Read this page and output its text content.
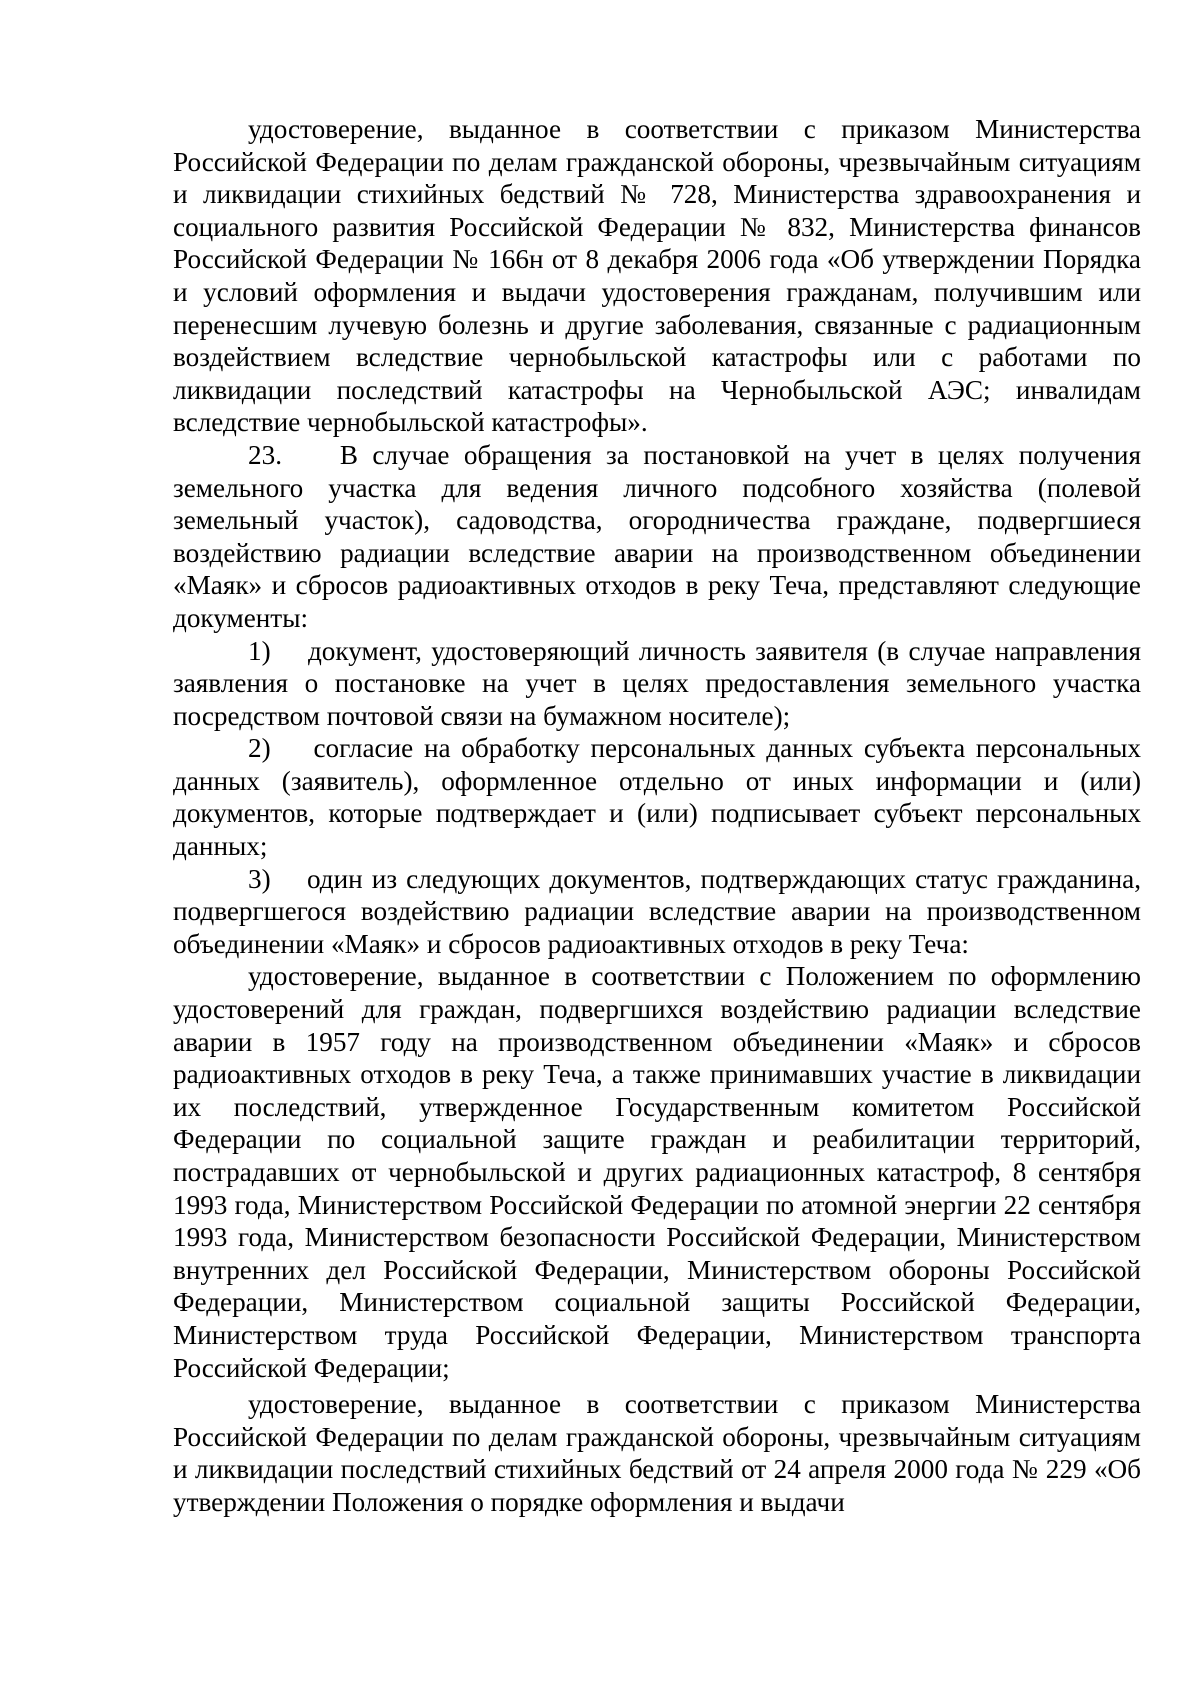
удостоверение, выданное в соответствии с приказом Министерства Российской Федерации по делам гражданской обороны, чрезвычайным ситуациям и ликвидации стихийных бедствий № 728, Министерства здравоохранения и социального развития Российской Федерации № 832, Министерства финансов Российской Федерации № 166н от 8 декабря 2006 года «Об утверждении Порядка и условий оформления и выдачи удостоверения гражданам, получившим или перенесшим лучевую болезнь и другие заболевания, связанные с радиационным воздействием вследствие чернобыльской катастрофы или с работами по ликвидации последствий катастрофы на Чернобыльской АЭС; инвалидам вследствие чернобыльской катастрофы».

23.    В случае обращения за постановкой на учет в целях получения земельного участка для ведения личного подсобного хозяйства (полевой земельный участок), садоводства, огородничества граждане, подвергшиеся воздействию радиации вследствие аварии на производственном объединении «Маяк» и сбросов радиоактивных отходов в реку Теча, представляют следующие документы:

1)    документ, удостоверяющий личность заявителя (в случае направления заявления о постановке на учет в целях предоставления земельного участка посредством почтовой связи на бумажном носителе);

2)    согласие на обработку персональных данных субъекта персональных данных (заявитель), оформленное отдельно от иных информации и (или) документов, которые подтверждает и (или) подписывает субъект персональных данных;

3)    один из следующих документов, подтверждающих статус гражданина, подвергшегося воздействию радиации вследствие аварии на производственном объединении «Маяк» и сбросов радиоактивных отходов в реку Теча:

удостоверение, выданное в соответствии с Положением по оформлению удостоверений для граждан, подвергшихся воздействию радиации вследствие аварии в 1957 году на производственном объединении «Маяк» и сбросов радиоактивных отходов в реку Теча, а также принимавших участие в ликвидации их последствий, утвержденное Государственным комитетом Российской Федерации по социальной защите граждан и реабилитации территорий, пострадавших от чернобыльской и других радиационных катастроф, 8 сентября 1993 года, Министерством Российской Федерации по атомной энергии 22 сентября 1993 года, Министерством безопасности Российской Федерации, Министерством внутренних дел Российской Федерации, Министерством обороны Российской Федерации, Министерством социальной защиты Российской Федерации, Министерством труда Российской Федерации, Министерством транспорта Российской Федерации;

удостоверение, выданное в соответствии с приказом Министерства Российской Федерации по делам гражданской обороны, чрезвычайным ситуациям и ликвидации последствий стихийных бедствий от 24 апреля 2000 года № 229 «Об утверждении Положения о порядке оформления и выдачи
